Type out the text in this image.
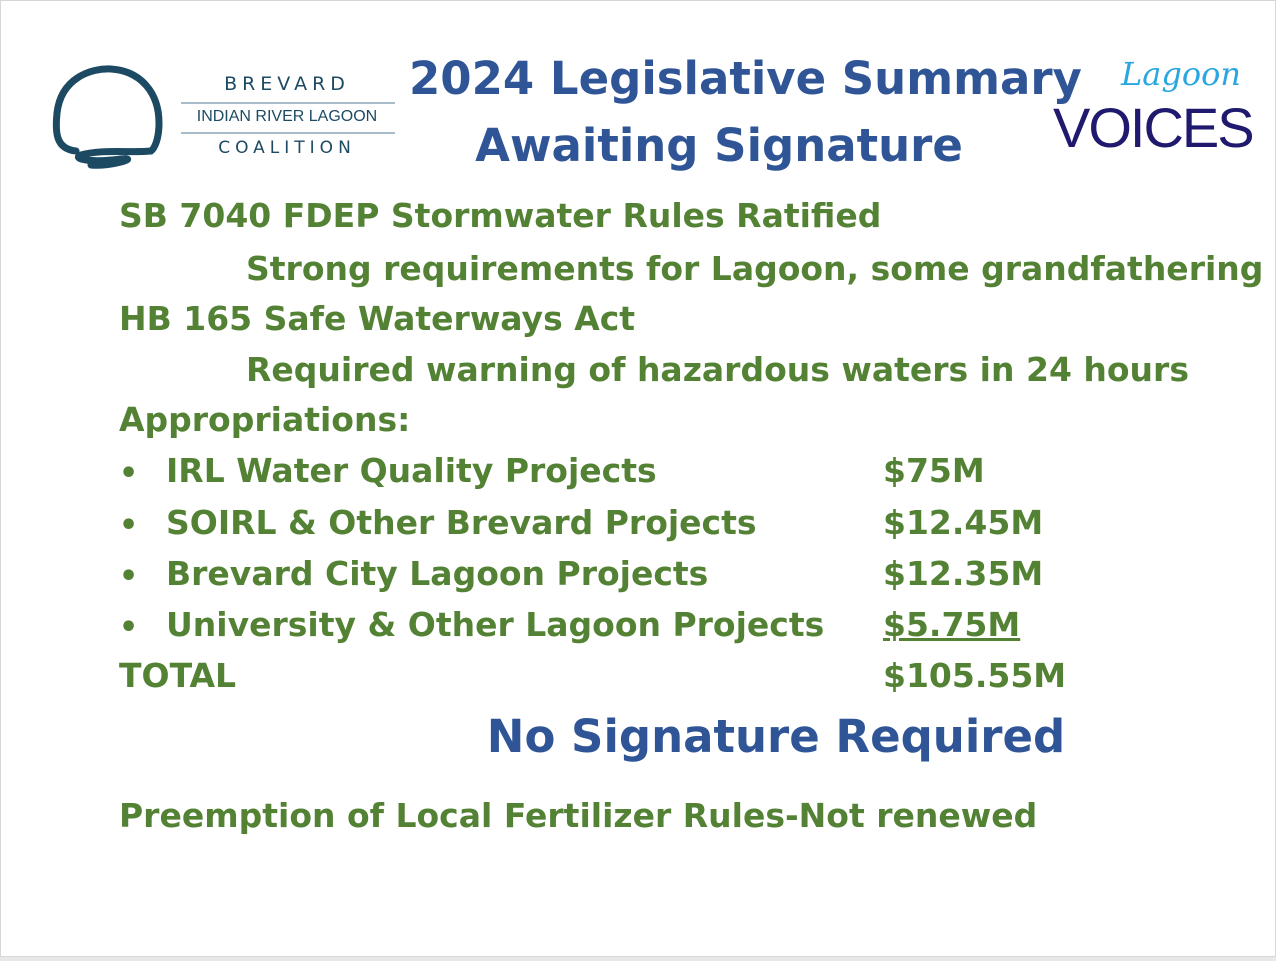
BREVARD
INDIAN RIVER LAGOON
COALITION
2024 Legislative Summary
Awaiting Signature
Lagoon
VOICES
SB 7040 FDEP Stormwater Rules Ratified
Strong requirements for Lagoon, some grandfathering
HB 165 Safe Waterways Act
Required warning of hazardous waters in 24 hours
Appropriations:
• IRL Water Quality Projects	$75M
• SOIRL & Other Brevard Projects	$12.45M
• Brevard City Lagoon Projects	$12.35M
• University & Other Lagoon Projects $5.75M
TOTAL	$105.55M
No Signature Required
Preemption of Local Fertilizer Rules-Not renewed
